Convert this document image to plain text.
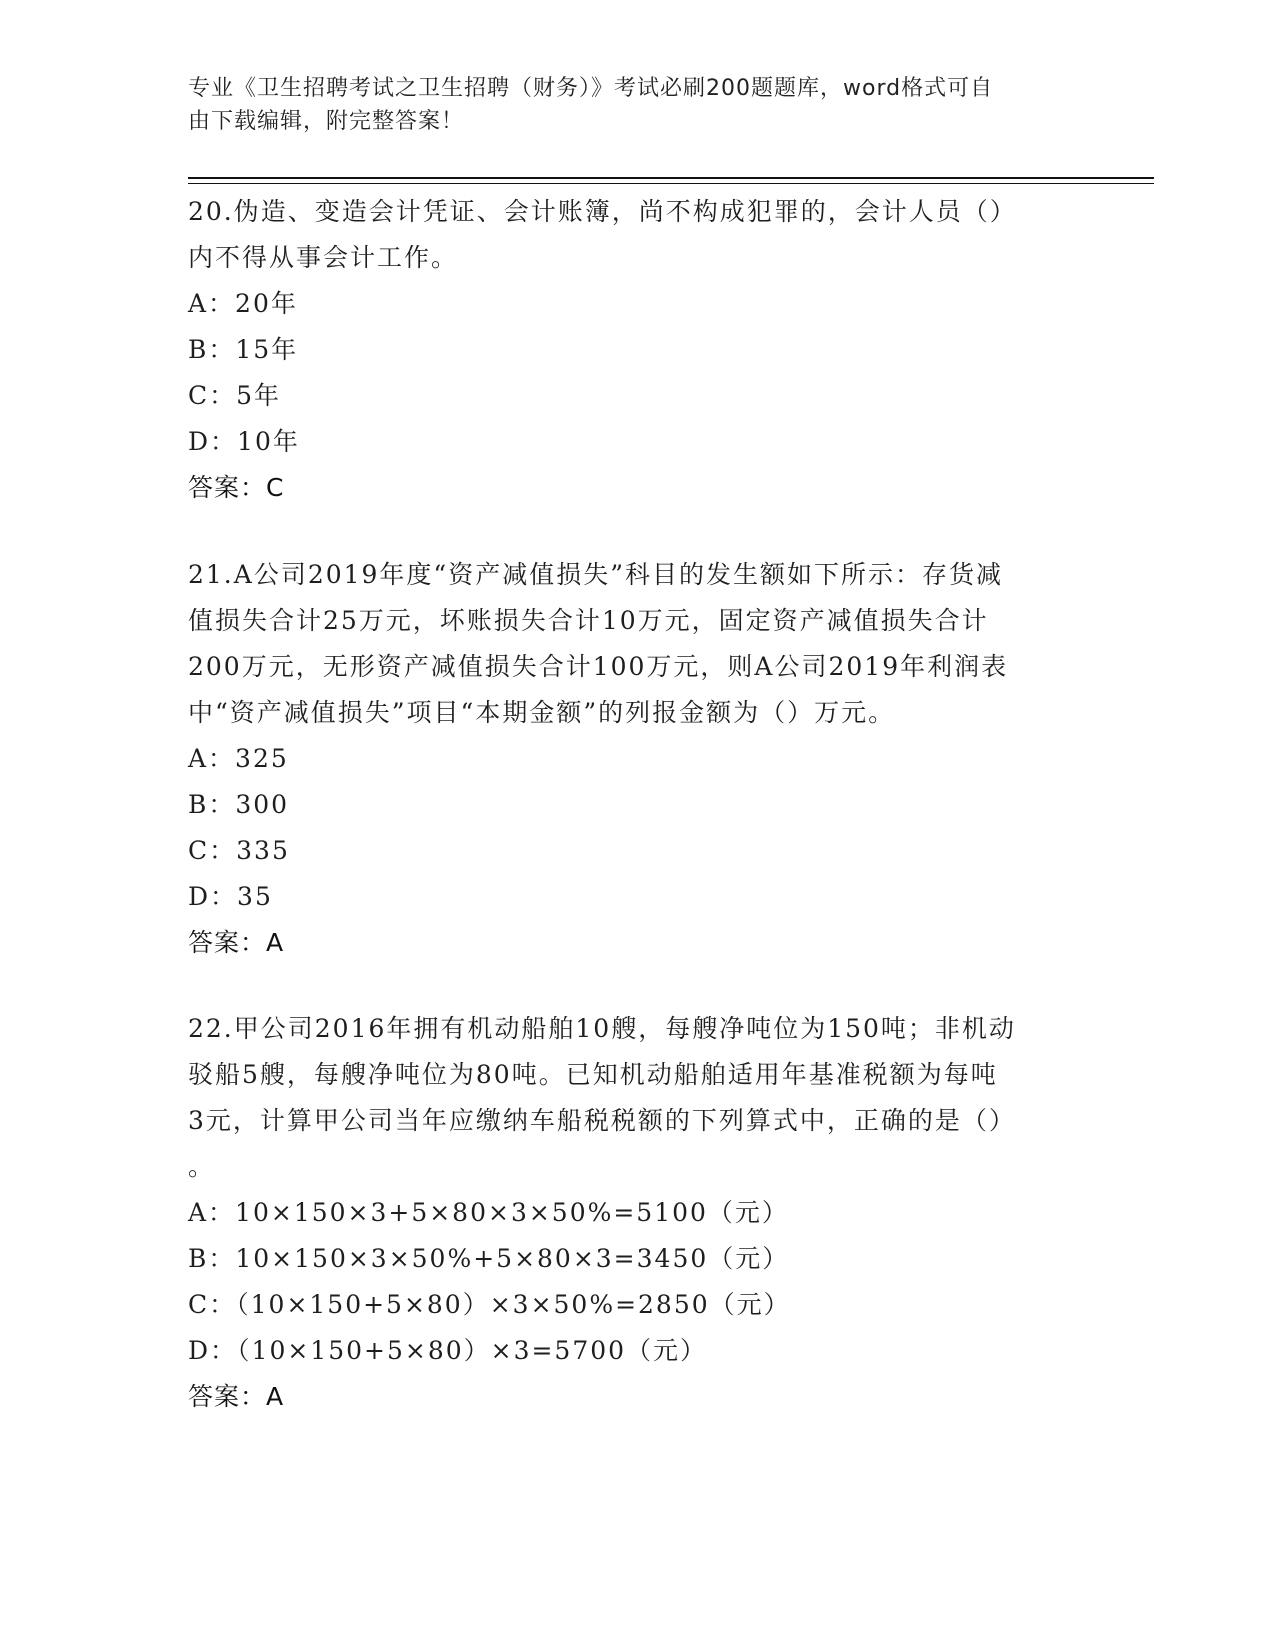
专业《卫生招聘考试之卫生招聘（财务）》考试必刷200题题库，word格式可自
由下载编辑，附完整答案！

20.伪造、变造会计凭证、会计账簿，尚不构成犯罪的，会计人员（）

内不得从事会计工作。

A：20年

B：15年

C：5年

D：10年

答案：C

21.A公司2019年度“资产减值损失”科目的发生额如下所示：存货减

值损失合计25万元，坏账损失合计10万元，固定资产减值损失合计

200万元，无形资产减值损失合计100万元，则A公司2019年利润表

中“资产减值损失”项目“本期金额”的列报金额为（）万元。

A：325

B：300

C：335

D：35

答案：A

22.甲公司2016年拥有机动船舶10艘，每艘净吨位为150吨；非机动

驳船5艘，每艘净吨位为80吨。已知机动船舶适用年基准税额为每吨

3元，计算甲公司当年应缴纳车船税税额的下列算式中，正确的是（）

。

A：10×150×3+5×80×3×50%=5100（元）

B：10×150×3×50%+5×80×3=3450（元）

C：（10×150+5×80）×3×50%=2850（元）

D：（10×150+5×80）×3=5700（元）

答案：A
